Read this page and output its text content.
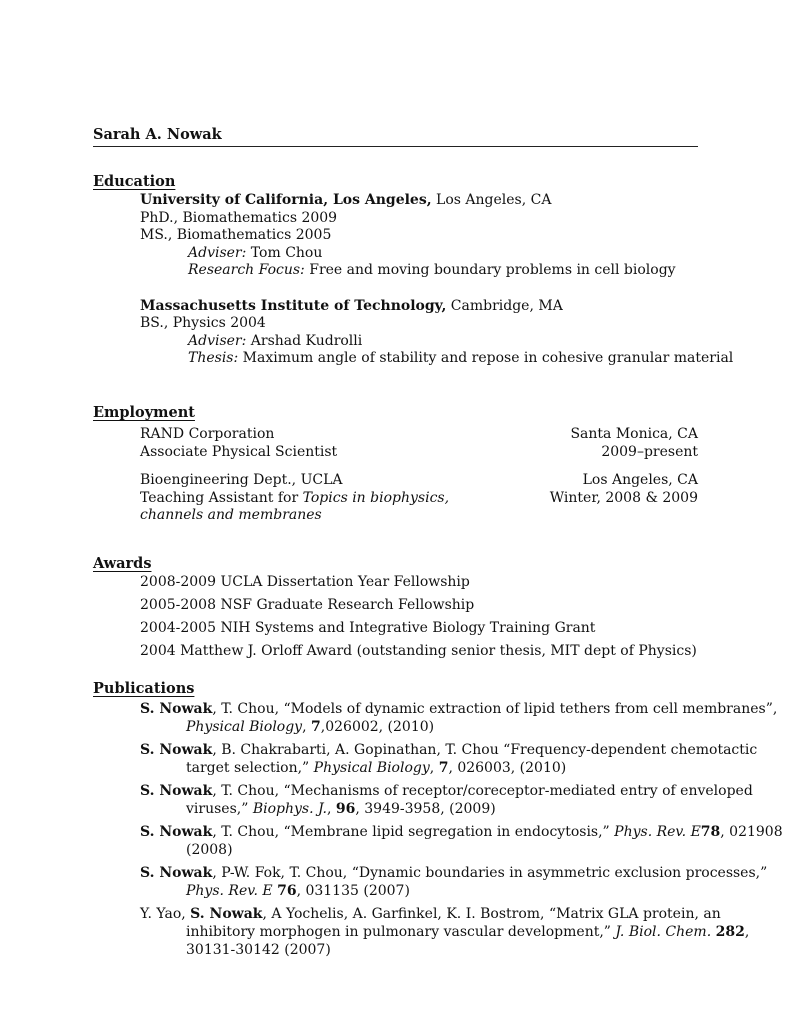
Sarah A. Nowak
Education
University of California, Los Angeles, Los Angeles, CA
PhD., Biomathematics 2009
MS., Biomathematics 2005
Adviser: Tom Chou
Research Focus: Free and moving boundary problems in cell biology
Massachusetts Institute of Technology, Cambridge, MA
BS., Physics 2004
Adviser: Arshad Kudrolli
Thesis: Maximum angle of stability and repose in cohesive granular material
Employment
RAND Corporation	Santa Monica, CA
Associate Physical Scientist	2009–present
Bioengineering Dept., UCLA	Los Angeles, CA
Teaching Assistant for Topics in biophysics,	Winter, 2008 & 2009
channels and membranes
Awards
2008-2009 UCLA Dissertation Year Fellowship
2005-2008 NSF Graduate Research Fellowship
2004-2005 NIH Systems and Integrative Biology Training Grant
2004 Matthew J. Orloff Award (outstanding senior thesis, MIT dept of Physics)
Publications
S. Nowak, T. Chou, “Models of dynamic extraction of lipid tethers from cell membranes”,
Physical Biology, 7,026002, (2010)
S. Nowak, B. Chakrabarti, A. Gopinathan, T. Chou “Frequency-dependent chemotactic
target selection,” Physical Biology, 7, 026003, (2010)
S. Nowak, T. Chou, “Mechanisms of receptor/coreceptor-mediated entry of enveloped
viruses,” Biophys. J., 96, 3949-3958, (2009)
S. Nowak, T. Chou, “Membrane lipid segregation in endocytosis,” Phys. Rev. E78, 021908
(2008)
S. Nowak, P-W. Fok, T. Chou, “Dynamic boundaries in asymmetric exclusion processes,”
Phys. Rev. E 76, 031135 (2007)
Y. Yao, S. Nowak, A Yochelis, A. Garfinkel, K. I. Bostrom, “Matrix GLA protein, an
inhibitory morphogen in pulmonary vascular development,” J. Biol. Chem. 282,
30131-30142 (2007)
